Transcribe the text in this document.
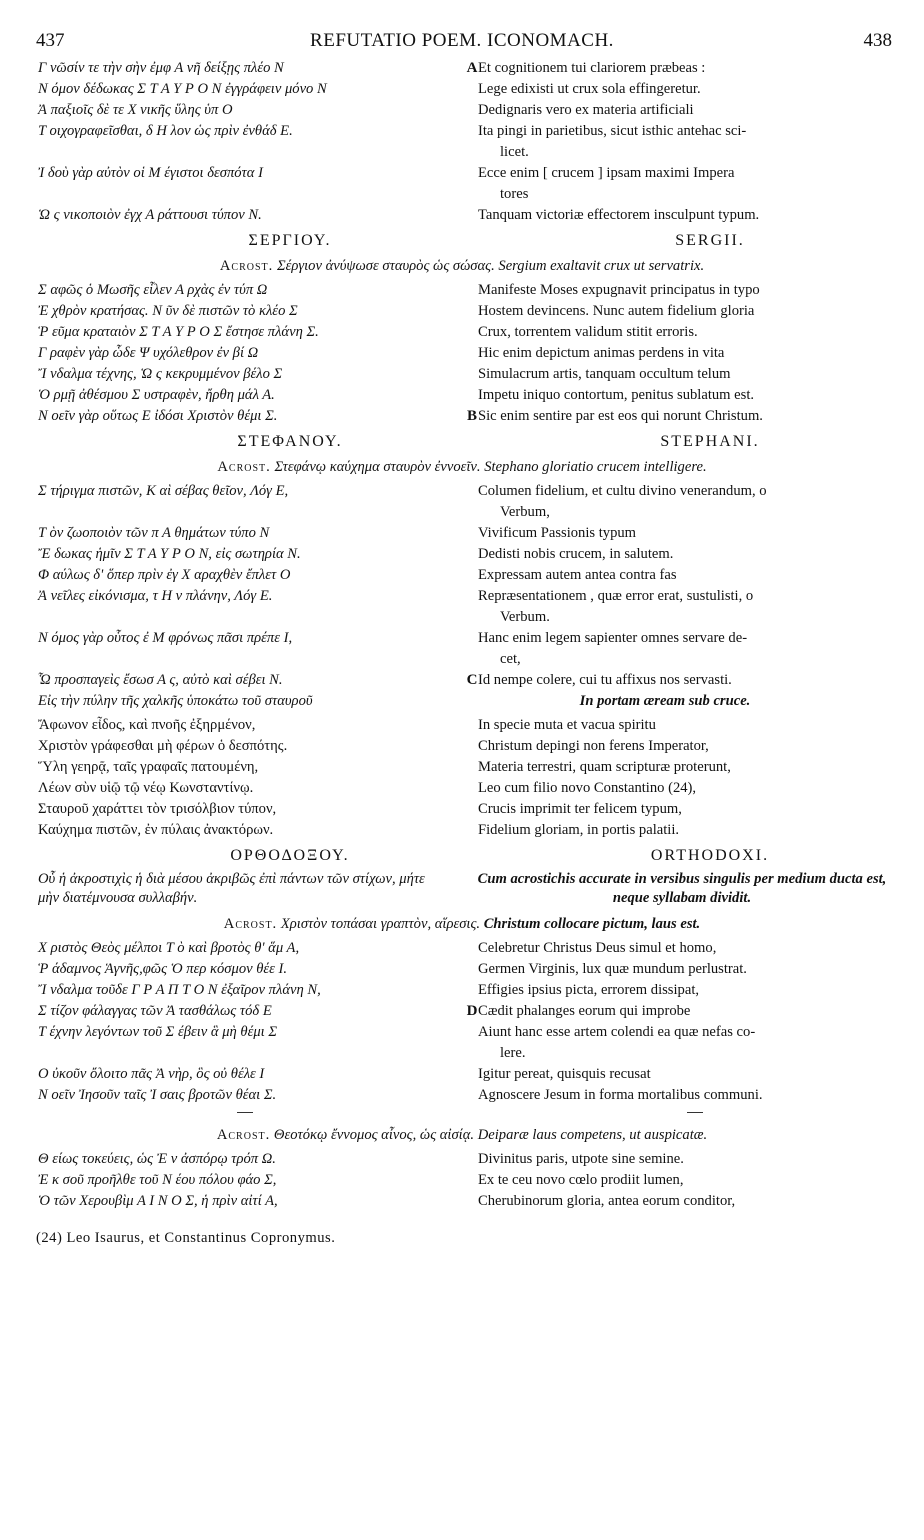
437	REFUTATIO POEM. ICONOMACH.	438
Γ νῶσίν τε τὴν σὴν ἐμφ Α νῆ δείξῃς πλέο Ν	A Et cognitionem tui clariorem præbeas :
Ν όμον δέδωκας Σ Τ Α Υ Ρ Ο Ν ἐγγράφειν μόνο Ν	Lege edixisti ut crux sola effingeretur.
Ἀ παξιοῖς δὲ τε Χ νικῆς ὕλης ὑπ Ο	Dedignaris vero ex materia artificiali
Τ οιχογραφεῖσθαι, δ Η λον ὡς πρὶν ἐνθάδ Ε.	Ita pingi in parietibus, sicut isthic antehac sci-
licet.
Ἰ δοὺ γὰρ αὐτὸν οἱ Μ έγιστοι δεσπότα Ι	Ecce enim [ crucem ] ipsam maximi Impera
tores
Ὡ ς νικοποιὸν ἐγχ Α ράττουσι τύπον Ν.	Tanquam victoriæ effectorem insculpunt typum.
ΣΕΡΓΙΟΥ.	SERGII.
Acrost. Σέργιον ἀνύψωσε σταυρὸς ὡς σώσας. Sergium exaltavit crux ut servatrix.
Σ αφῶς ὁ Μωσῆς εἷλεν Α ρχὰς ἐν τύπ Ω	Manifeste Moses expugnavit principatus in typo
Ἐ χθρὸν κρατήσας. Ν ῦν δὲ πιστῶν τὸ κλέο Σ	Hostem devincens. Nunc autem fidelium gloria
Ῥ εῦμα κραταιὸν Σ Τ Α Υ Ρ Ο Σ ἔστησε πλάνη Σ.	Crux, torrentem validum stitit erroris.
Γ ραφὲν γὰρ ὧδε Ψ υχόλεθρον ἐν βί Ω	Hic enim depictum animas perdens in vita
Ἴ νδαλμα τέχνης, Ὡ ς κεκρυμμένον βέλο Σ	Simulacrum artis, tanquam occultum telum
Ὁ ρμῇ ἀθέσμου Σ υστραφὲν, ἤρθη μάλ Α.	Impetu iniquo contortum, penitus sublatum est.
Ν οεῖν γὰρ οὕτως Ε ἰδόσι Χριστὸν θέμι Σ.	B Sic enim sentire par est eos qui norunt Christum.
ΣΤΕΦΑΝΟΥ.	STEPHANI.
Acrost. Στεφάνῳ καύχημα σταυρὸν ἐννοεῖν. Stephano gloriatio crucem intelligere.
Σ τήριγμα πιστῶν, Κ αὶ σέβας θεῖον, Λόγ Ε,	Columen fidelium, et cultu divino venerandum, o
Verbum,
Τ ὸν ζωοποιὸν τῶν π Α θημάτων τύπο Ν	Vivificum Passionis typum
Ἔ δωκας ἡμῖν Σ Τ Α Υ Ρ Ο Ν, εἰς σωτηρία Ν.	Dedisti nobis crucem, in salutem.
Φ αύλως δ' ὅπερ πρὶν ἐγ Χ αραχθὲν ἔπλετ Ο	Expressam autem antea contra fas
Ἀ νεῖλες εἰκόνισμα, τ Η ν πλάνην, Λόγ Ε.	Repræsentationem , quæ error erat, sustulisti, o
Verbum.
Ν όμος γὰρ οὗτος ἐ Μ φρόνως πᾶσι πρέπε Ι,	Hanc enim legem sapienter omnes servare de-
cet,
Ὧ προσπαγεὶς ἔσωσ Α ς, αὐτὸ καὶ σέβει Ν.	C Id nempe colere, cui tu affixus nos servasti.
Εἰς τὴν πύλην τῆς χαλκῆς ὑποκάτω τοῦ σταυροῦ	In portam æream sub cruce.
Ἄφωνον εἶδος, καὶ πνοῆς ἐξηρμένον,	In specie muta et vacua spiritu
Χριστὸν γράφεσθαι μὴ φέρων ὁ δεσπότης.	Christum depingi non ferens Imperator,
Ὕλη γεηρᾷ, ταῖς γραφαῖς πατουμένη,	Materia terrestri, quam scripturæ proterunt,
Λέων σὺν υἱῷ τῷ νέῳ Κωνσταντίνῳ.	Leo cum filio novo Constantino (24),
Σταυροῦ χαράττει τὸν τρισόλβιον τύπον,	Crucis imprimit ter felicem typum,
Καύχημα πιστῶν, ἐν πύλαις ἀνακτόρων.	Fidelium gloriam, in portis palatii.
ΟΡΘΟΔΟΞΟΥ.	ORTHODOXI.
Οὗ ἡ ἀκροστιχὶς ἡ διὰ μέσου ἀκριβῶς ἐπὶ πάντων τῶν στίχων, μήτε μὴν διατέμνουσα συλλαβήν.
Cum acrostichis accurate in versibus singulis per medium ducta est, neque syllabam dividit.
Acrost. Χριστὸν τοπάσαι γραπτὸν, αἵρεσις. Christum collocare pictum, laus est.
Χ ριστὸς Θεὸς μέλποι Τ ὸ καὶ βροτὸς θ' ἅμ Α,	Celebretur Christus Deus simul et homo,
Ῥ άδαμνος Ἁγνῆς,φῶς Ὁ περ κόσμον θέε Ι.	Germen Virginis, lux quæ mundum perlustrat.
Ἴ νδαλμα τοῦδε Γ Ρ Α Π Τ Ο Ν ἐξαῖρον πλάνη Ν,	Effigies ipsius picta, errorem dissipat,
Σ τίζον φάλαγγας τῶν Ἀ τασθάλως τόδ Ε	D Cædit phalanges eorum qui improbe
Τ έχνην λεγόντων τοῦ Σ έβειν ἃ μὴ θέμι Σ	Aiunt hanc esse artem colendi ea quæ nefas co-
lere.
Ο ὐκοῦν ὄλοιτο πᾶς Ἀ νὴρ, ὃς οὐ θέλε Ι	Igitur pereat, quisquis recusat
Ν οεῖν Ἰησοῦν ταῖς Ἰ σαις βροτῶν θέαι Σ.	Agnoscere Jesum in forma mortalibus communi.
Acrost. Θεοτόκῳ ἔννομος αἶνος, ὡς αἰσίᾳ. Deiparæ laus competens, ut auspicatæ.
Θ είως τοκεύεις, ὡς Ἐ ν ἀσπόρῳ τρόπ Ω.	Divinitus paris, utpote sine semine.
Ἐ κ σοῦ προῆλθε τοῦ Ν έου πόλου φάο Σ,	Ex te ceu novo cœlo prodiit lumen,
Ὁ τῶν Χερουβὶμ Α Ι Ν Ο Σ, ἡ πρὶν αἰτί Α,	Cherubinorum gloria, antea eorum conditor,
(24) Leo Isaurus, et Constantinus Copronymus.
